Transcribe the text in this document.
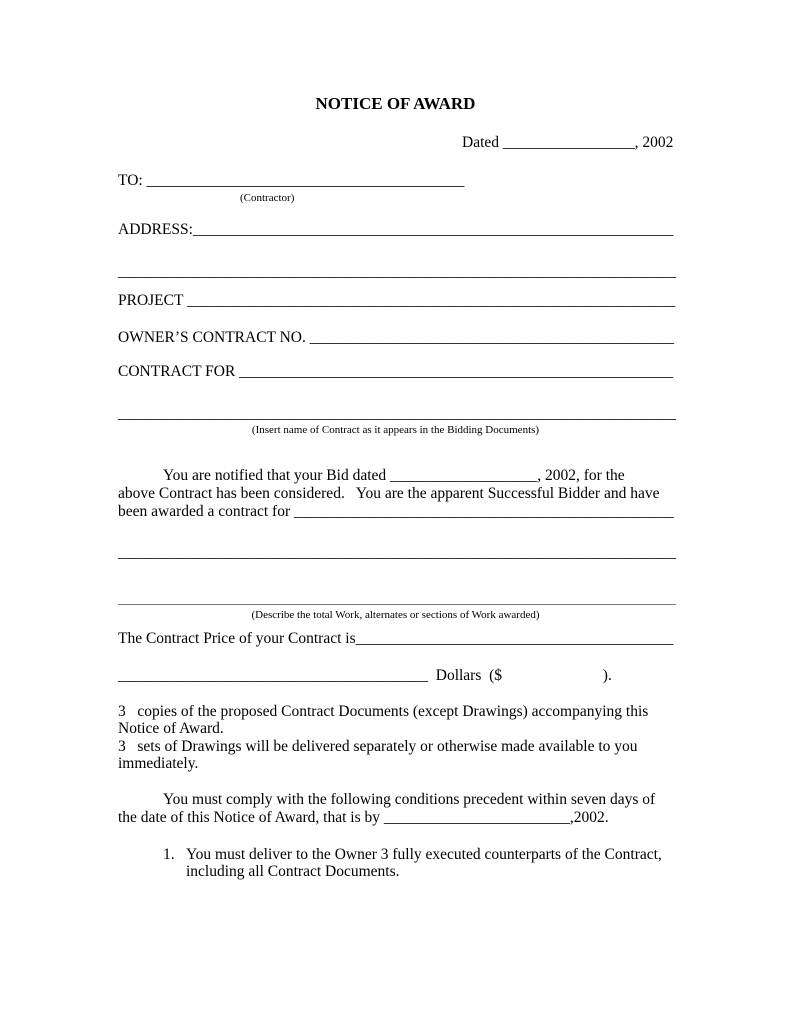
NOTICE OF AWARD
Dated _________________, 2002
TO: _________________________________________
(Contractor)
ADDRESS:______________________________________________________________
________________________________________________________________________
PROJECT _______________________________________________________________
OWNER’S CONTRACT NO. _______________________________________________
CONTRACT FOR ________________________________________________________
________________________________________________________________________
(Insert name of Contract as it appears in the Bidding Documents)
You are notified that your Bid dated ___________________, 2002, for the
above Contract has been considered.   You are the apparent Successful Bidder and have
been awarded a contract for _________________________________________________
________________________________________________________________________
________________________________________________________________________
(Describe the total Work, alternates or sections of Work awarded)
The Contract Price of your Contract is_________________________________________
________________________________________  Dollars  ($                          ).
3   copies of the proposed Contract Documents (except Drawings) accompanying this
Notice of Award.
3   sets of Drawings will be delivered separately or otherwise made available to you
immediately.
You must comply with the following conditions precedent within seven days of
the date of this Notice of Award, that is by ________________________,2002.
1. You must deliver to the Owner 3 fully executed counterparts of the Contract,
including all Contract Documents.
